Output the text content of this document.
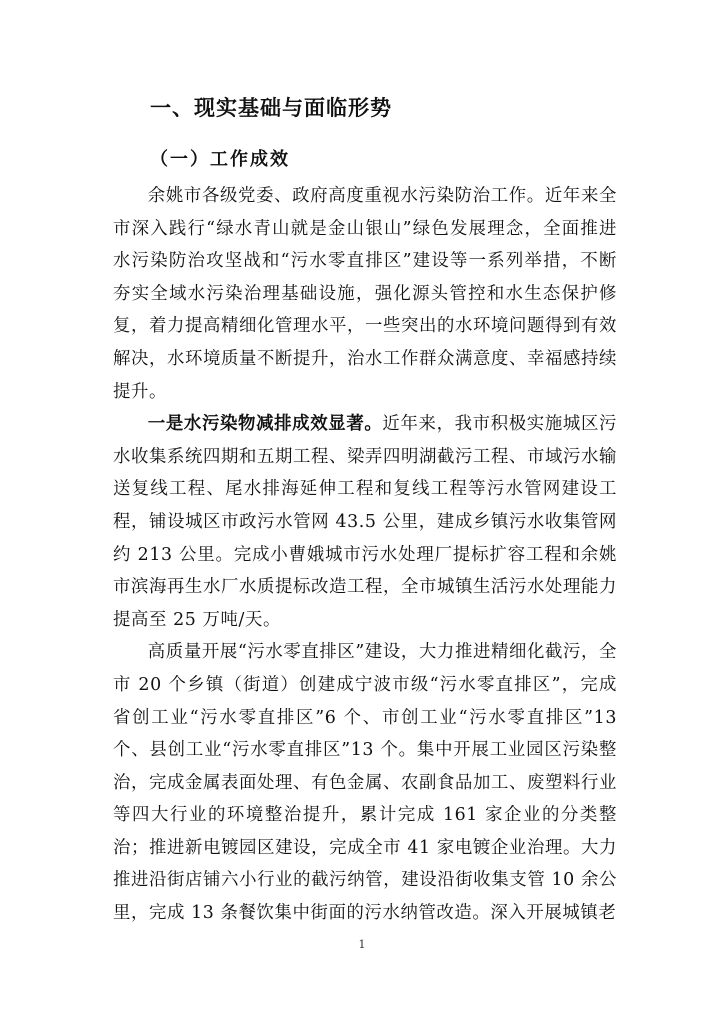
一、现实基础与面临形势
（一）工作成效

余姚市各级党委、政府高度重视水污染防治工作。近年来全市深入践行“绿水青山就是金山银山”绿色发展理念，全面推进水污染防治攻坚战和“污水零直排区”建设等一系列举措，不断夯实全域水污染治理基础设施，强化源头管控和水生态保护修复，着力提高精细化管理水平，一些突出的水环境问题得到有效解决，水环境质量不断提升，治水工作群众满意度、幸福感持续提升。

一是水污染物减排成效显著。近年来，我市积极实施城区污水收集系统四期和五期工程、梁弄四明湖截污工程、市域污水输送复线工程、尾水排海延伸工程和复线工程等污水管网建设工程，铺设城区市政污水管网 43.5 公里，建成乡镇污水收集管网约 213 公里。完成小曹娥城市污水处理厂提标扩容工程和余姚市滨海再生水厂水质提标改造工程，全市城镇生活污水处理能力提高至 25 万吨/天。

高质量开展“污水零直排区”建设，大力推进精细化截污，全市 20 个乡镇（街道）创建成宁波市级“污水零直排区”，完成省创工业“污水零直排区”6 个、市创工业“污水零直排区”13 个、县创工业“污水零直排区”13 个。集中开展工业园区污染整治，完成金属表面处理、有色金属、农副食品加工、废塑料行业等四大行业的环境整治提升，累计完成 161 家企业的分类整治；推进新电镀园区建设，完成全市 41 家电镀企业治理。大力推进沿街店铺六小行业的截污纳管，建设沿街收集支管 10 余公里，完成 13 条餐饮集中街面的污水纳管改造。深入开展城镇老

1
